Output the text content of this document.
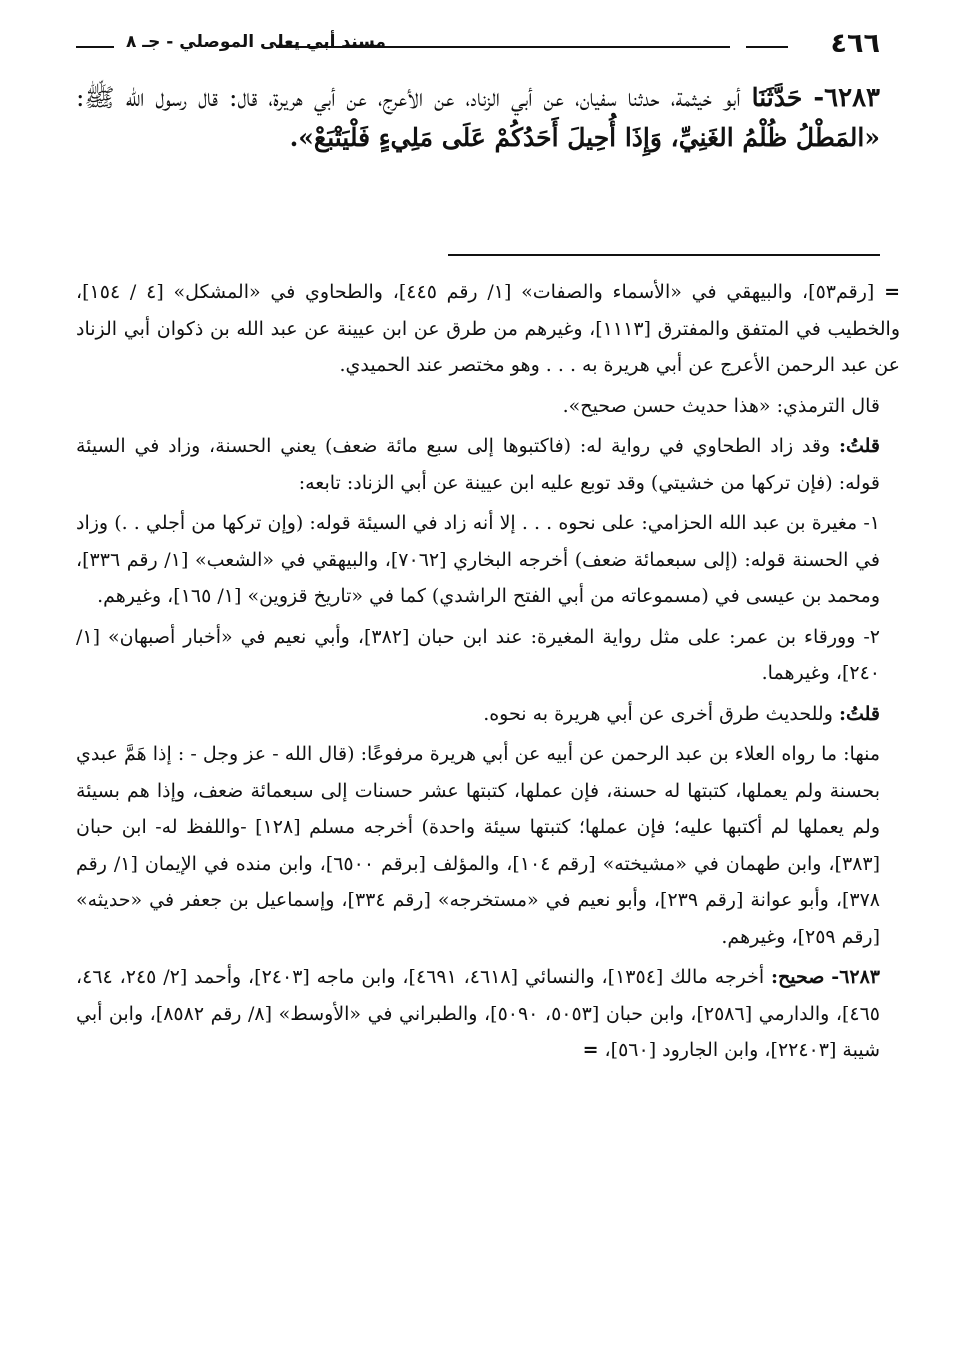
٤٦٦
مسند أبي يعلى الموصلي - جـ ٨
٦٢٨٣- حَدَّثَنَا أبو خيثمة، حدثنا سفيان، عن أبي الزناد، عن الأعرج، عن أبي هريرة، قال: قال رسول الله ﷺ: «المَطْلُ ظُلْمُ الغَنِيِّ، وَإِذَا أُحِيلَ أَحَدُكُمْ عَلَى مَلِيءٍ فَلْيَتْبَعْ».

= [رقم٥٣]، والبيهقي في «الأسماء والصفات» [١/ رقم ٤٤٥]، والطحاوي في «المشكل» [٤ / ١٥٤]، والخطيب في المتفق والمفترق [١١١٣]، وغيرهم من طرق عن ابن عيينة عن عبد الله بن ذكوان أبي الزناد عن عبد الرحمن الأعرج عن أبي هريرة به . . . وهو مختصر عند الحميدي.

قال الترمذي: «هذا حديث حسن صحيح».

قلتُ: وقد زاد الطحاوي في رواية له: (فاكتبوها إلى سبع مائة ضعف) يعني الحسنة، وزاد في السيئة قوله: (فإن تركها من خشيتي) وقد توبع عليه ابن عيينة عن أبي الزناد: تابعه:

١- مغيرة بن عبد الله الحزامي: على نحوه . . . إلا أنه زاد في السيئة قوله: (وإن تركها من أجلي . .) وزاد في الحسنة قوله: (إلى سبعمائة ضعف) أخرجه البخاري [٧٠٦٢]، والبيهقي في «الشعب» [١/ رقم ٣٣٦]، ومحمد بن عيسى في (مسموعاته من أبي الفتح الراشدي) كما في «تاريخ قزوين» [١/ ١٦٥]، وغيرهم.

٢- وورقاء بن عمر: على مثل رواية المغيرة: عند ابن حبان [٣٨٢]، وأبي نعيم في «أخبار أصبهان» [١/ ٢٤٠]، وغيرهما.

قلتُ: وللحديث طرق أخرى عن أبي هريرة به نحوه.

منها: ما رواه العلاء بن عبد الرحمن عن أبيه عن أبي هريرة مرفوعًا: (قال الله - عز وجل - : إذا هَمَّ عبدي بحسنة ولم يعملها، كتبتها له حسنة، فإن عملها، كتبتها عشر حسنات إلى سبعمائة ضعف، وإذا هم بسيئة ولم يعملها لم أكتبها عليه؛ فإن عملها؛ كتبتها سيئة واحدة) أخرجه مسلم [١٢٨] -واللفظ له- ابن حبان [٣٨٣]، وابن طهمان في «مشيخته» [رقم ١٠٤]، والمؤلف [برقم ٦٥٠٠]، وابن منده في الإيمان [١/ رقم ٣٧٨]، وأبو عوانة [رقم ٢٣٩]، وأبو نعيم في «مستخرجه» [رقم ٣٣٤]، وإسماعيل بن جعفر في «حديثه» [رقم ٢٥٩]، وغيرهم.

٦٢٨٣- صحيح: أخرجه مالك [١٣٥٤]، والنسائي [٤٦١٨، ٤٦٩١]، وابن ماجه [٢٤٠٣]، وأحمد [٢/ ٢٤٥، ٤٦٤، ٤٦٥]، والدارمي [٢٥٨٦]، وابن حبان [٥٠٥٣، ٥٠٩٠]، والطبراني في «الأوسط» [٨/ رقم ٨٥٨٢]، وابن أبي شيبة [٢٢٤٠٣]، وابن الجارود [٥٦٠]، =
